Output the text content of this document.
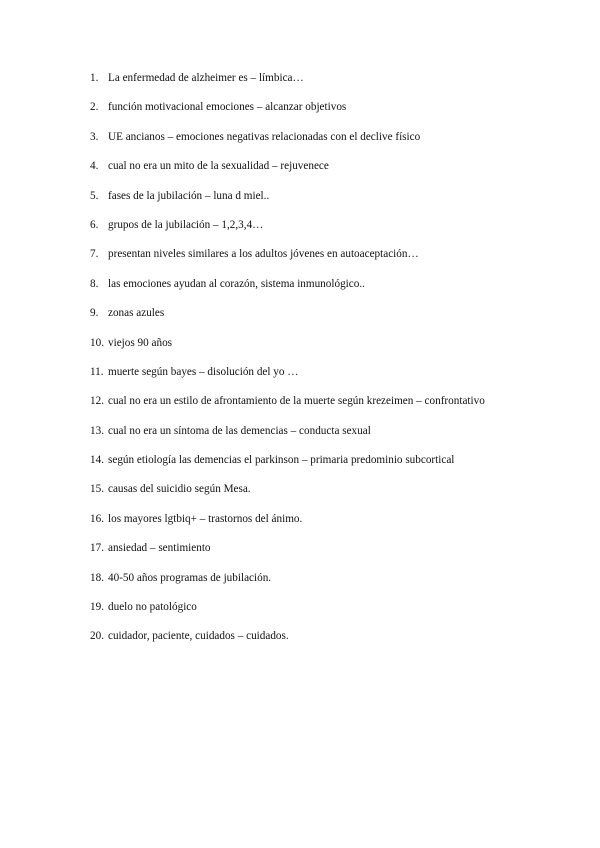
1. La enfermedad de alzheimer es – límbica…
2. función motivacional emociones – alcanzar objetivos
3. UE ancianos – emociones negativas relacionadas con el declive físico
4. cual no era un mito de la sexualidad – rejuvenece
5. fases de la jubilación – luna d miel..
6. grupos de la jubilación – 1,2,3,4…
7. presentan niveles similares a los adultos jóvenes en autoaceptación…
8. las emociones ayudan al corazón, sistema inmunológico..
9. zonas azules
10. viejos 90 años
11. muerte según bayes – disolución del yo …
12. cual no era un estilo de afrontamiento de la muerte según krezeimen – confrontativo
13. cual no era un síntoma de las demencias – conducta sexual
14. según etiología las demencias el parkinson – primaria predominio subcortical
15. causas del suicidio según Mesa.
16. los mayores lgtbiq+ – trastornos del ánimo.
17. ansiedad – sentimiento
18. 40-50 años programas de jubilación.
19. duelo no patológico
20. cuidador, paciente, cuidados – cuidados.
